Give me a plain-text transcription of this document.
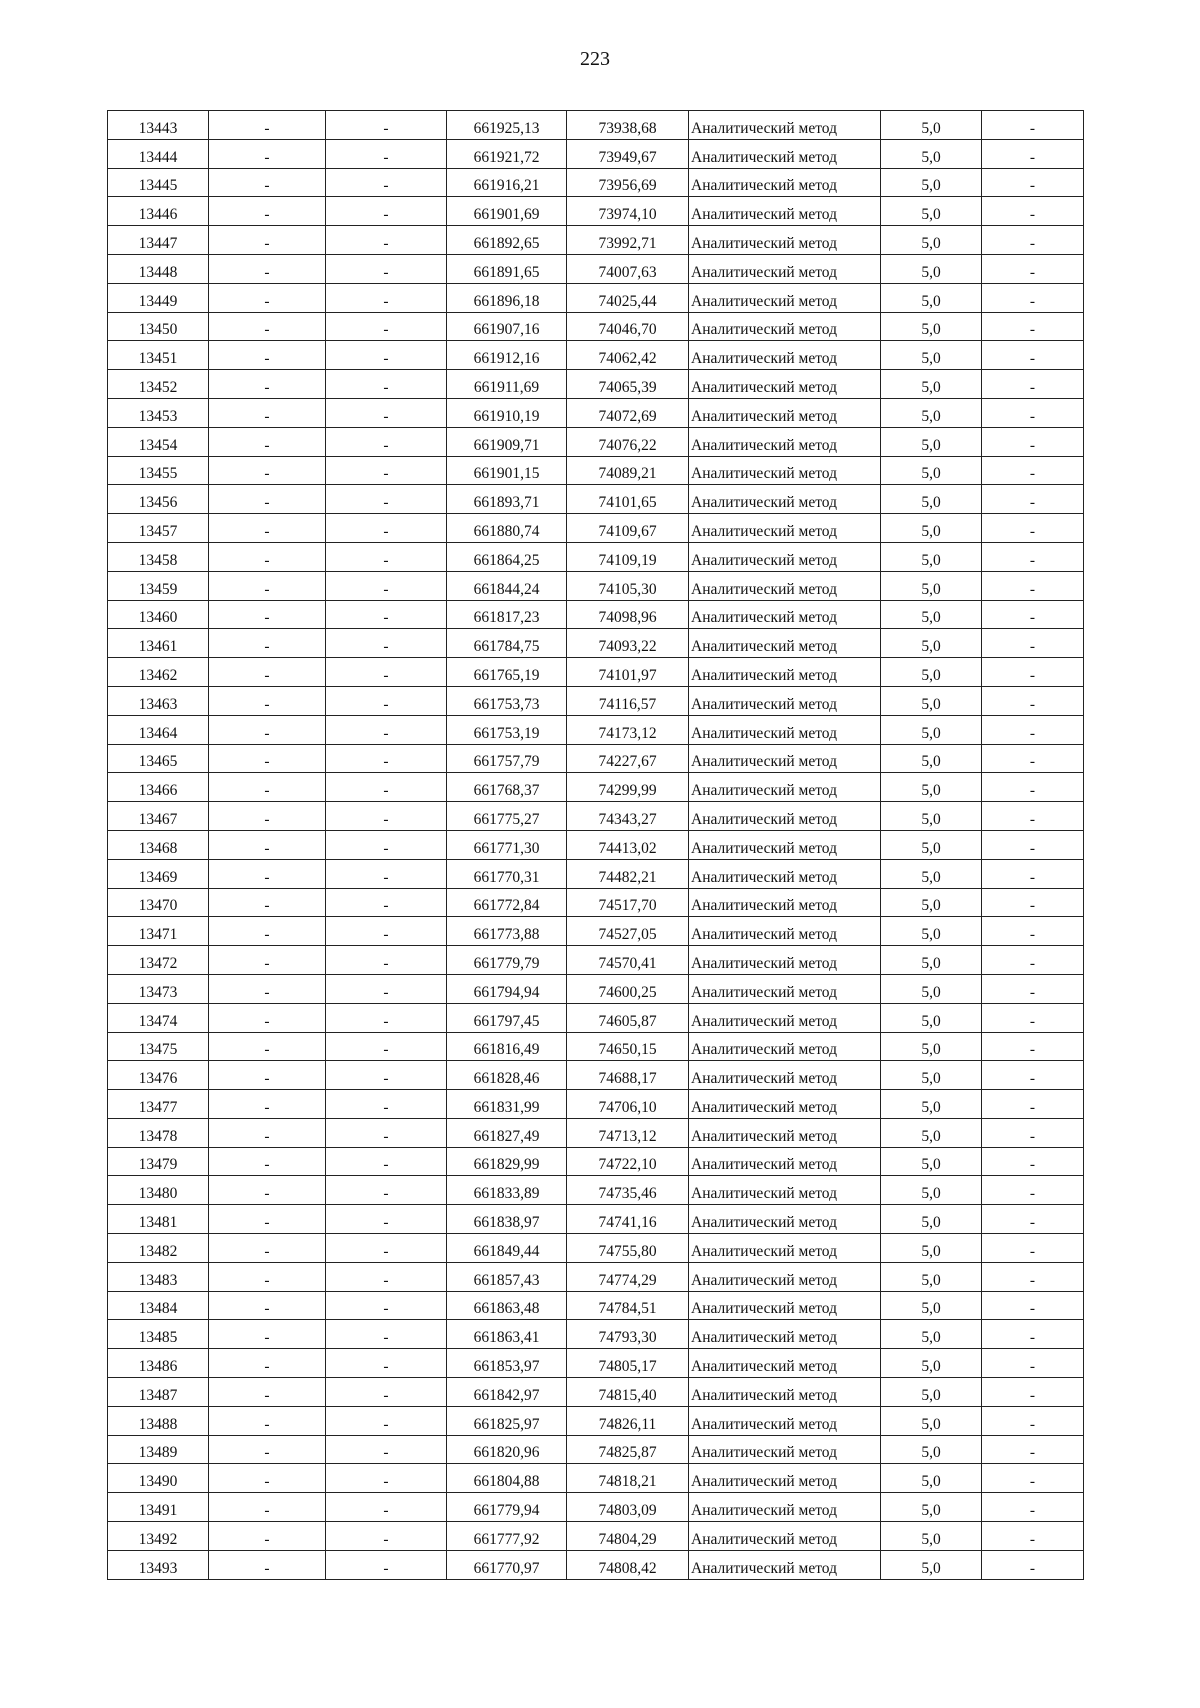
223
13443	-	-	661925,13	73938,68	Аналитический метод	5,0	-
13444	-	-	661921,72	73949,67	Аналитический метод	5,0	-
13445	-	-	661916,21	73956,69	Аналитический метод	5,0	-
13446	-	-	661901,69	73974,10	Аналитический метод	5,0	-
13447	-	-	661892,65	73992,71	Аналитический метод	5,0	-
13448	-	-	661891,65	74007,63	Аналитический метод	5,0	-
13449	-	-	661896,18	74025,44	Аналитический метод	5,0	-
13450	-	-	661907,16	74046,70	Аналитический метод	5,0	-
13451	-	-	661912,16	74062,42	Аналитический метод	5,0	-
13452	-	-	661911,69	74065,39	Аналитический метод	5,0	-
13453	-	-	661910,19	74072,69	Аналитический метод	5,0	-
13454	-	-	661909,71	74076,22	Аналитический метод	5,0	-
13455	-	-	661901,15	74089,21	Аналитический метод	5,0	-
13456	-	-	661893,71	74101,65	Аналитический метод	5,0	-
13457	-	-	661880,74	74109,67	Аналитический метод	5,0	-
13458	-	-	661864,25	74109,19	Аналитический метод	5,0	-
13459	-	-	661844,24	74105,30	Аналитический метод	5,0	-
13460	-	-	661817,23	74098,96	Аналитический метод	5,0	-
13461	-	-	661784,75	74093,22	Аналитический метод	5,0	-
13462	-	-	661765,19	74101,97	Аналитический метод	5,0	-
13463	-	-	661753,73	74116,57	Аналитический метод	5,0	-
13464	-	-	661753,19	74173,12	Аналитический метод	5,0	-
13465	-	-	661757,79	74227,67	Аналитический метод	5,0	-
13466	-	-	661768,37	74299,99	Аналитический метод	5,0	-
13467	-	-	661775,27	74343,27	Аналитический метод	5,0	-
13468	-	-	661771,30	74413,02	Аналитический метод	5,0	-
13469	-	-	661770,31	74482,21	Аналитический метод	5,0	-
13470	-	-	661772,84	74517,70	Аналитический метод	5,0	-
13471	-	-	661773,88	74527,05	Аналитический метод	5,0	-
13472	-	-	661779,79	74570,41	Аналитический метод	5,0	-
13473	-	-	661794,94	74600,25	Аналитический метод	5,0	-
13474	-	-	661797,45	74605,87	Аналитический метод	5,0	-
13475	-	-	661816,49	74650,15	Аналитический метод	5,0	-
13476	-	-	661828,46	74688,17	Аналитический метод	5,0	-
13477	-	-	661831,99	74706,10	Аналитический метод	5,0	-
13478	-	-	661827,49	74713,12	Аналитический метод	5,0	-
13479	-	-	661829,99	74722,10	Аналитический метод	5,0	-
13480	-	-	661833,89	74735,46	Аналитический метод	5,0	-
13481	-	-	661838,97	74741,16	Аналитический метод	5,0	-
13482	-	-	661849,44	74755,80	Аналитический метод	5,0	-
13483	-	-	661857,43	74774,29	Аналитический метод	5,0	-
13484	-	-	661863,48	74784,51	Аналитический метод	5,0	-
13485	-	-	661863,41	74793,30	Аналитический метод	5,0	-
13486	-	-	661853,97	74805,17	Аналитический метод	5,0	-
13487	-	-	661842,97	74815,40	Аналитический метод	5,0	-
13488	-	-	661825,97	74826,11	Аналитический метод	5,0	-
13489	-	-	661820,96	74825,87	Аналитический метод	5,0	-
13490	-	-	661804,88	74818,21	Аналитический метод	5,0	-
13491	-	-	661779,94	74803,09	Аналитический метод	5,0	-
13492	-	-	661777,92	74804,29	Аналитический метод	5,0	-
13493	-	-	661770,97	74808,42	Аналитический метод	5,0	-
